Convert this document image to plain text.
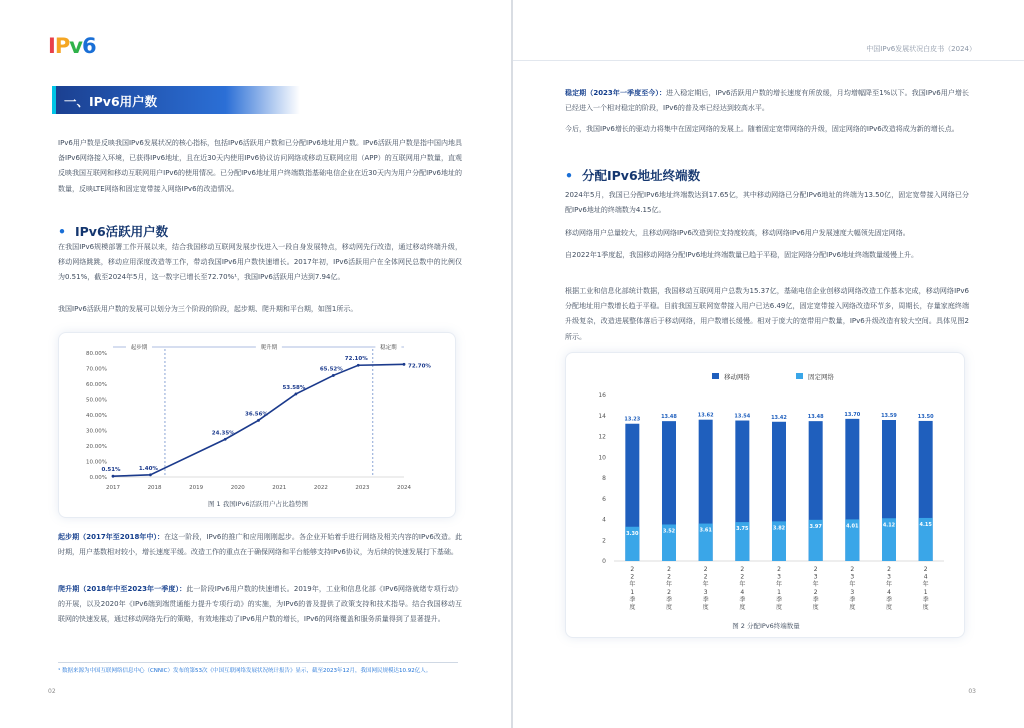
IPv6
一、IPv6用户数
IPv6用户数是反映我国IPv6发展状况的核心指标，包括IPv6活跃用户数和已分配IPv6地址用户数。IPv6活跃用户数是指中国内地具备IPv6网络接入环境，已获得IPv6地址，且在近30天内使用IPv6协议访问网络或移动互联网应用（APP）的互联网用户数量，直观反映我国互联网和移动互联网用户IPv6的使用情况。已分配IPv6地址用户终端数指基础电信企业在近30天内为用户分配IPv6地址的数量，反映LTE网络和固定宽带接入网络IPv6的改造情况。
• IPv6活跃用户数
在我国IPv6规模部署工作开展以来，结合我国移动互联网发展步伐进入一段自身发展特点，移动网先行改造，通过移动终端升级，移动网络跳跳，移动应用深度改造等工作，带动我国IPv6用户数快速增长。2017年初，IPv6活跃用户在全体网民总数中的比例仅为0.51%，截至2024年5月，这一数字已增长至72.70%¹，我国IPv6活跃用户达到7.94亿。
我国IPv6活跃用户数的发展可以划分为三个阶段的阶段，起步期、爬升期和平台期，如图1所示。
0.00%
10.00%
20.00%
30.00%
40.00%
50.00%
60.00%
70.00%
80.00%
2017	2018	2019	2020	2021	2022	2023	2024
起步期	爬升期	稳定期
0.51%	1.40%
24.35%
36.56%
53.58%
65.52%
72.10%
72.70%
图 1 我国IPv6活跃用户占比趋势图
起步期（2017年至2018年中）：在这一阶段，IPv6的推广和应用刚刚起步。各企业开始着手进行网络及相关内容的IPv6改造。此时期，用户基数相对较小，增长速度平缓。改造工作的重点在于确保网络和平台能够支持IPv6协议，为后续的快速发展打下基础。
爬升期（2018年中至2023年一季度）：此一阶段IPv6用户数的快速增长。2019年，工业和信息化部《IPv6网络就绪专项行动》的开展，以及2020年《IPv6端到端贯通能力提升专项行动》的实施，为IPv6的普及提供了政策支持和技术指导。结合我国移动互联网的快速发展，通过移动网络先行的策略，有效地推动了IPv6用户数的增长，IPv6的网络覆盖和服务质量得到了显著提升。
¹ 数据来源为中国互联网络信息中心（CNNIC）发布的第53次《中国互联网络发展状况统计报告》显示，截至2023年12月，我国网民规模达10.92亿人。
02
中国IPv6发展状况白皮书（2024）
稳定期（2023年一季度至今）：进入稳定期后，IPv6活跃用户数的增长速度有所放缓，月均增幅降至1%以下。我国IPv6用户增长已经进入一个相对稳定的阶段，IPv6的普及率已经达到较高水平。
今后，我国IPv6增长的驱动力将集中在固定网络的发展上。随着固定宽带网络的升级，固定网络的IPv6改造将成为新的增长点。
• 分配IPv6地址终端数
2024年5月，我国已分配IPv6地址终端数达到17.65亿，其中移动网络已分配IPv6地址的终端为13.50亿，固定宽带接入网络已分配IPv6地址的终端数为4.15亿。
移动网络用户总量较大，且移动网络IPv6改造到位支持度较高，移动网络IPv6用户发展速度大幅领先固定网络。
自2022年1季度起，我国移动网络分配IPv6地址终端数量已趋于平稳，固定网络分配IPv6地址终端数量缓慢上升。
根据工业和信息化部统计数据，我国移动互联网用户总数为15.37亿，基础电信企业创移动网络改造工作基本完成，移动网络IPv6分配地址用户数增长趋于平稳。目前我国互联网宽带接入用户已达6.49亿，固定宽带接入网络改造环节多，周期长，存量家庭终端升级复杂，改造进展整体落后于移动网络，用户数增长缓慢。相对于庞大的宽带用户数量，IPv6升级改造有较大空间。具体见图2所示。
移动网络	固定网络
0
2
4
6
8
10
12
14
16
13.23
3.30
2
2
年
1
季
度
13.48
3.52
2
2
年
2
季
度
13.62
3.61
2
2
年
3
季
度
13.54
3.75
2
2
年
4
季
度
13.42
3.82
2
3
年
1
季
度
13.48
3.97
2
3
年
2
季
度
13.70
4.01
2
3
年
3
季
度
13.59
4.12
2
3
年
4
季
度
13.50
4.15
2
4
年
1
季
度
图 2 分配IPv6终端数量
03
